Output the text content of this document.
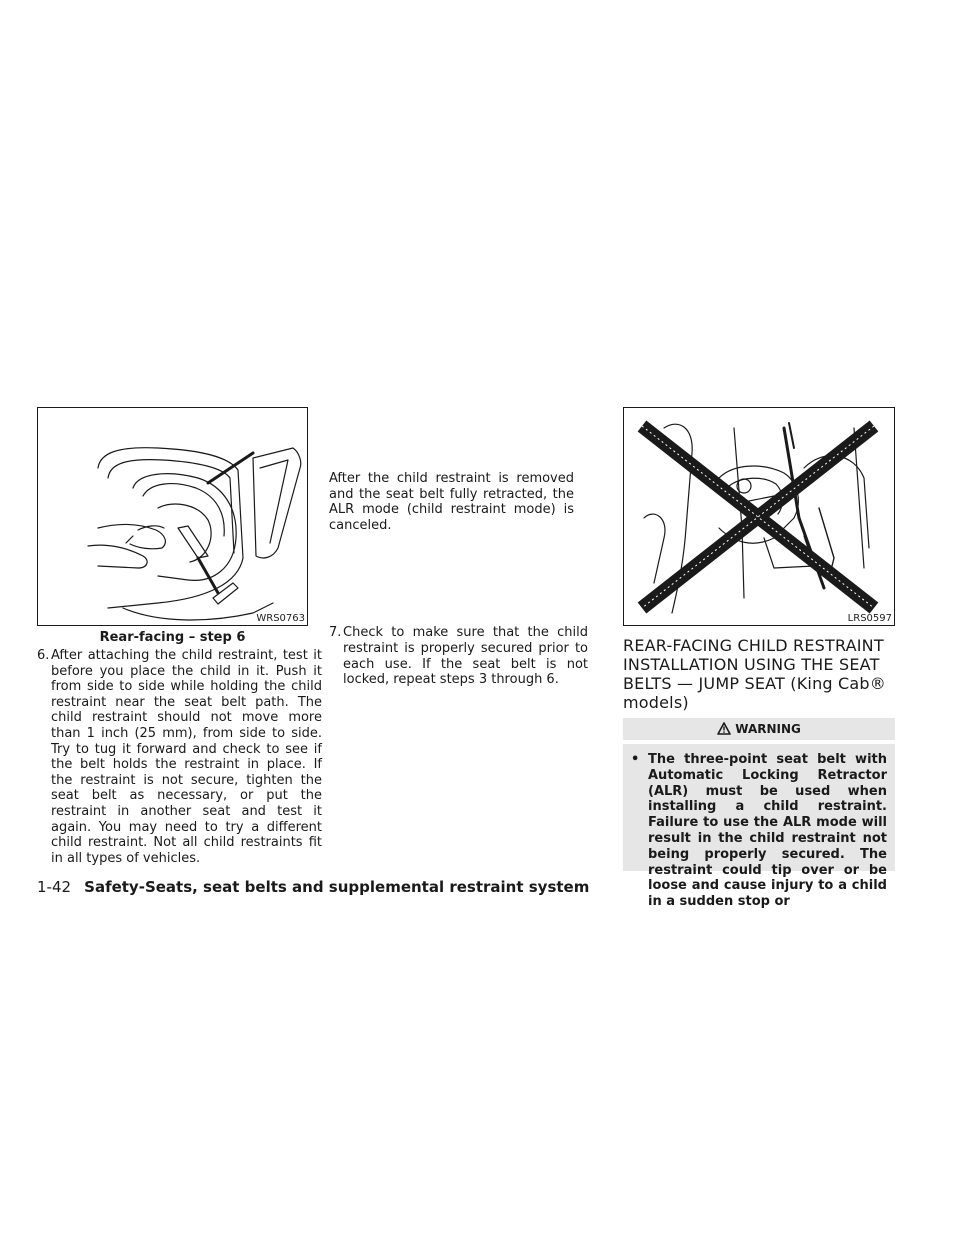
WRS0763
Rear-facing – step 6
6. After attaching the child restraint, test it before you place the child in it. Push it from side to side while holding the child restraint near the seat belt path. The child restraint should not move more than 1 inch (25 mm), from side to side. Try to tug it forward and check to see if the belt holds the restraint in place. If the restraint is not secure, tighten the seat belt as necessary, or put the restraint in another seat and test it again. You may need to try a different child restraint. Not all child restraints fit in all types of vehicles.
7. Check to make sure that the child restraint is properly secured prior to each use. If the seat belt is not locked, repeat steps 3 through 6.

After the child restraint is removed and the seat belt fully retracted, the ALR mode (child restraint mode) is canceled.

LRS0597
REAR-FACING CHILD RESTRAINT INSTALLATION USING THE SEAT BELTS — JUMP SEAT (King Cab® models)
WARNING
• The three-point seat belt with Automatic Locking Retractor (ALR) must be used when installing a child restraint. Failure to use the ALR mode will result in the child restraint not being properly secured. The restraint could tip over or be loose and cause injury to a child in a sudden stop or
1-42 Safety-Seats, seat belts and supplemental restraint system
